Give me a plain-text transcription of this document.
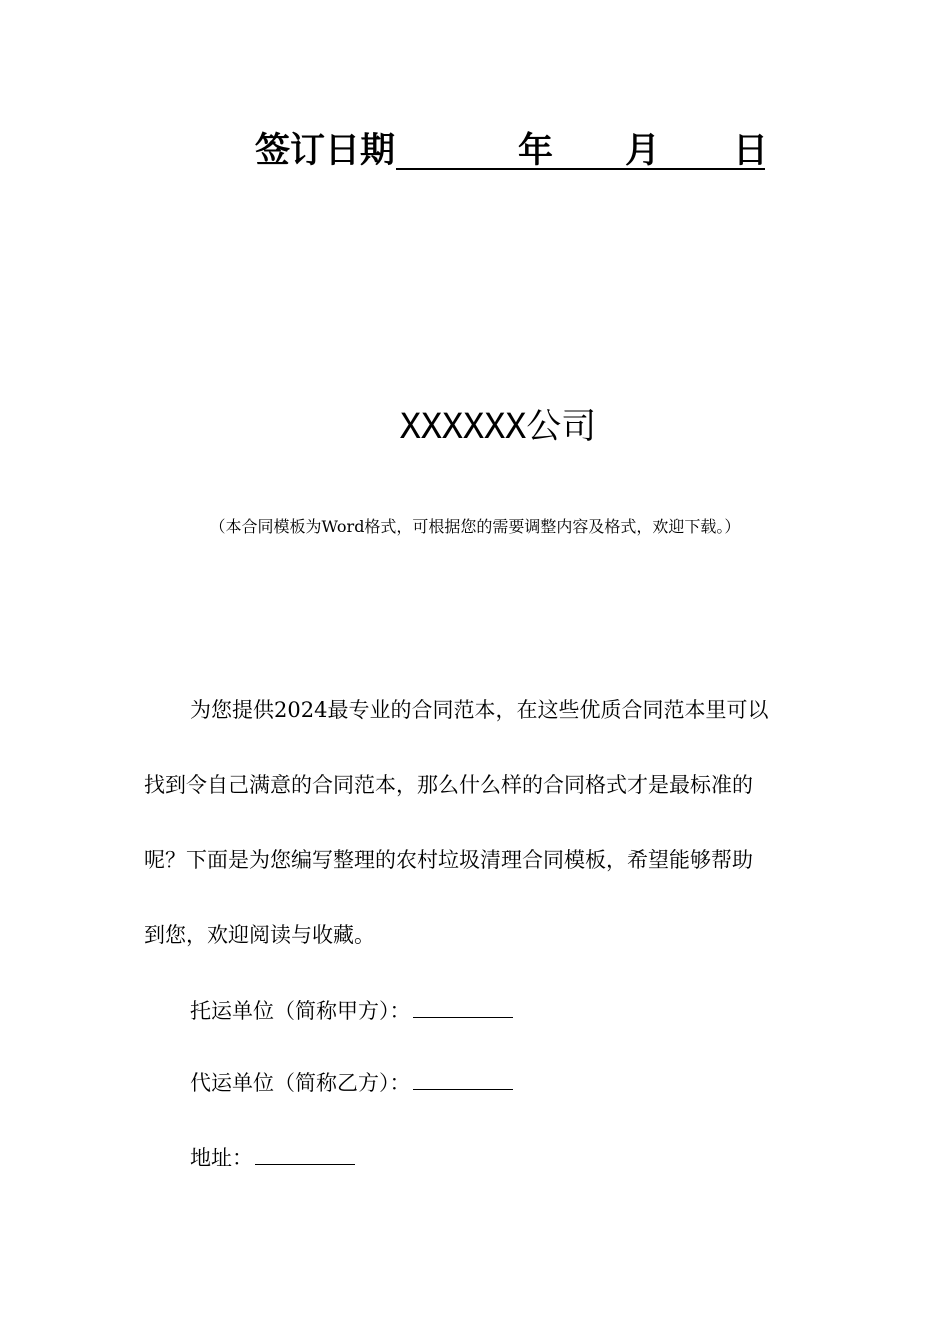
签订日期	年 月 日
XXXXXX公司
（本合同模板为Word格式，可根据您的需要调整内容及格式，欢迎下载。）
为您提供2024最专业的合同范本，在这些优质合同范本里可以
找到令自己满意的合同范本，那么什么样的合同格式才是最标准的
呢？下面是为您编写整理的农村垃圾清理合同模板，希望能够帮助
到您，欢迎阅读与收藏。
托运单位（简称甲方）：
代运单位（简称乙方）：
地址：
